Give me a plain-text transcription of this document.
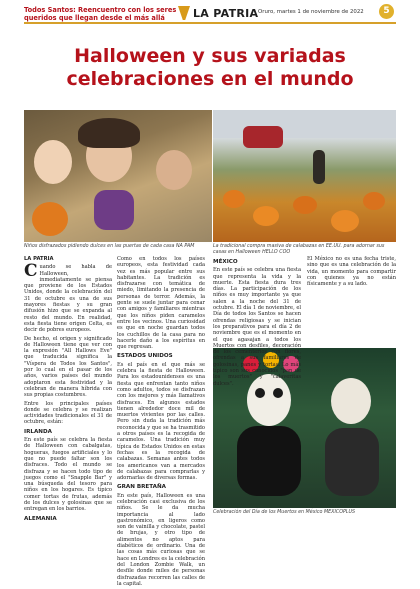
Todos Santos: Reencuentro con los seres queridos que llegan desde el más allá	LA PATRIA Oruro, martes 1 de noviembre de 2022	5
Halloween y sus variadas celebraciones en el mundo
Niños disfrazados pidiendo dulces en las puertas de cada casa NA PAM	La tradicional compra masiva de calabazas en EE.UU. para adornar sus casas en Halloween HELLO COO
Celebración del Día de los Muertos en México MEXICOPLUS
LA PATRIA

Cuando se habla de Halloween, inmediatamente se piensa que proviene de los Estados Unidos, donde la celebración del 31 de octubre es una de sus mayores fiestas y su gran difusión hizo que se expanda al resto del mundo. En realidad, esta fiesta tiene origen Celta, es decir de pobres europeos.

De hecho, el origen y significado de Halloween tiene que ver con la expresión "All Hallows Eve" que traducida significa la "Víspera de Todos los Santos", por lo cual en el pasar de los años, varios países del mundo adoptaron esta festividad y la celebran de manera híbrida con sus propias costumbres.

Entre los principales países donde se celebra y se realizan actividades tradicionales el 31 de octubre, están:

IRLANDA

En este país se celebra la fiesta de Halloween con cabalgatas, hogueras, fuegos artificiales y lo que no puede faltar son los disfraces. Todo el mundo se disfraza y se hacen todo tipo de juegos como el "Snapple Bar" y una búsqueda del tesoro para niños en los hogares. Es típico comer tortas de frutas, además de los dulces y golosinas que se entregan en los barrios.

ALEMANIA

Como en todos los países europeos, esta festividad cada vez es más popular entre sus habitantes. La tradición es disfrazarse con temática de miedo, limitando la presencia de personas de terror. Además, la gente se suele juntar para cenar con amigos y familiares mientras que los niños piden caramelos entre los vecinos. Una curiosidad es que en noche guardan todos los cuchillos de la casa para no hacerle daño a los espíritus en que regresan.

ESTADOS UNIDOS

Es el país en el que más se celebra la fiesta de Halloween. Para los estadounidenses es una fiesta que enfrentan tanto niños como adultos, todos se disfrazan con los mejores y más llamativos disfraces. En algunos estados tienen alrededor doce mil de muertos vivientes por las calles. Pero sin duda la tradición más reconocida y que se ha trasmitido a otros países es la recogida de caramelos. Una tradición muy típica de Estados Unidos en estas fechas es la recogida de calabazas. Semanas antes todos los americanos van a mercados de calabazas para comprarlas y adornarlas de diversas formas.

GRAN BRETAÑA

En este país, Halloween es una celebración casi exclusiva de los niños. Se le da mucha importancia al lado gastronómico, en ligeros como son de vainilla y chocolate, pastel de brujas, y otro tipo de alimentos no aptos para diabéticos de ordinario. Una de las cosas más curiosas que se hace en Londres es la celebración del London Zombie Walk, un desfile donde miles de personas disfrazadas recorren las calles de la capital.

MÉXICO

En este país se celebra una fiesta que representa la vida y la muerte. Esta fiesta dura tres días. La participación de los niños es muy importante ya que salen a la noche del 31 de octubre. El día 1 de noviembre, el Día de todos los Santos se hacen ofrendas religiosas y se inician los preparativos para el día 2 de noviembre que es el momento en el que agasajan a todos los Muertos con desfiles, decoración de los cementerios con flores, ofrendas a sus familiares de golosinas, panes y tortas. Lo más típico son sus conocidos "pan de los muertos" y "calaveritas dulces".

El México no es una fecha triste, sino que es una celebración de la vida, un momento para compartir con quienes ya no están físicamente y a su lado.
